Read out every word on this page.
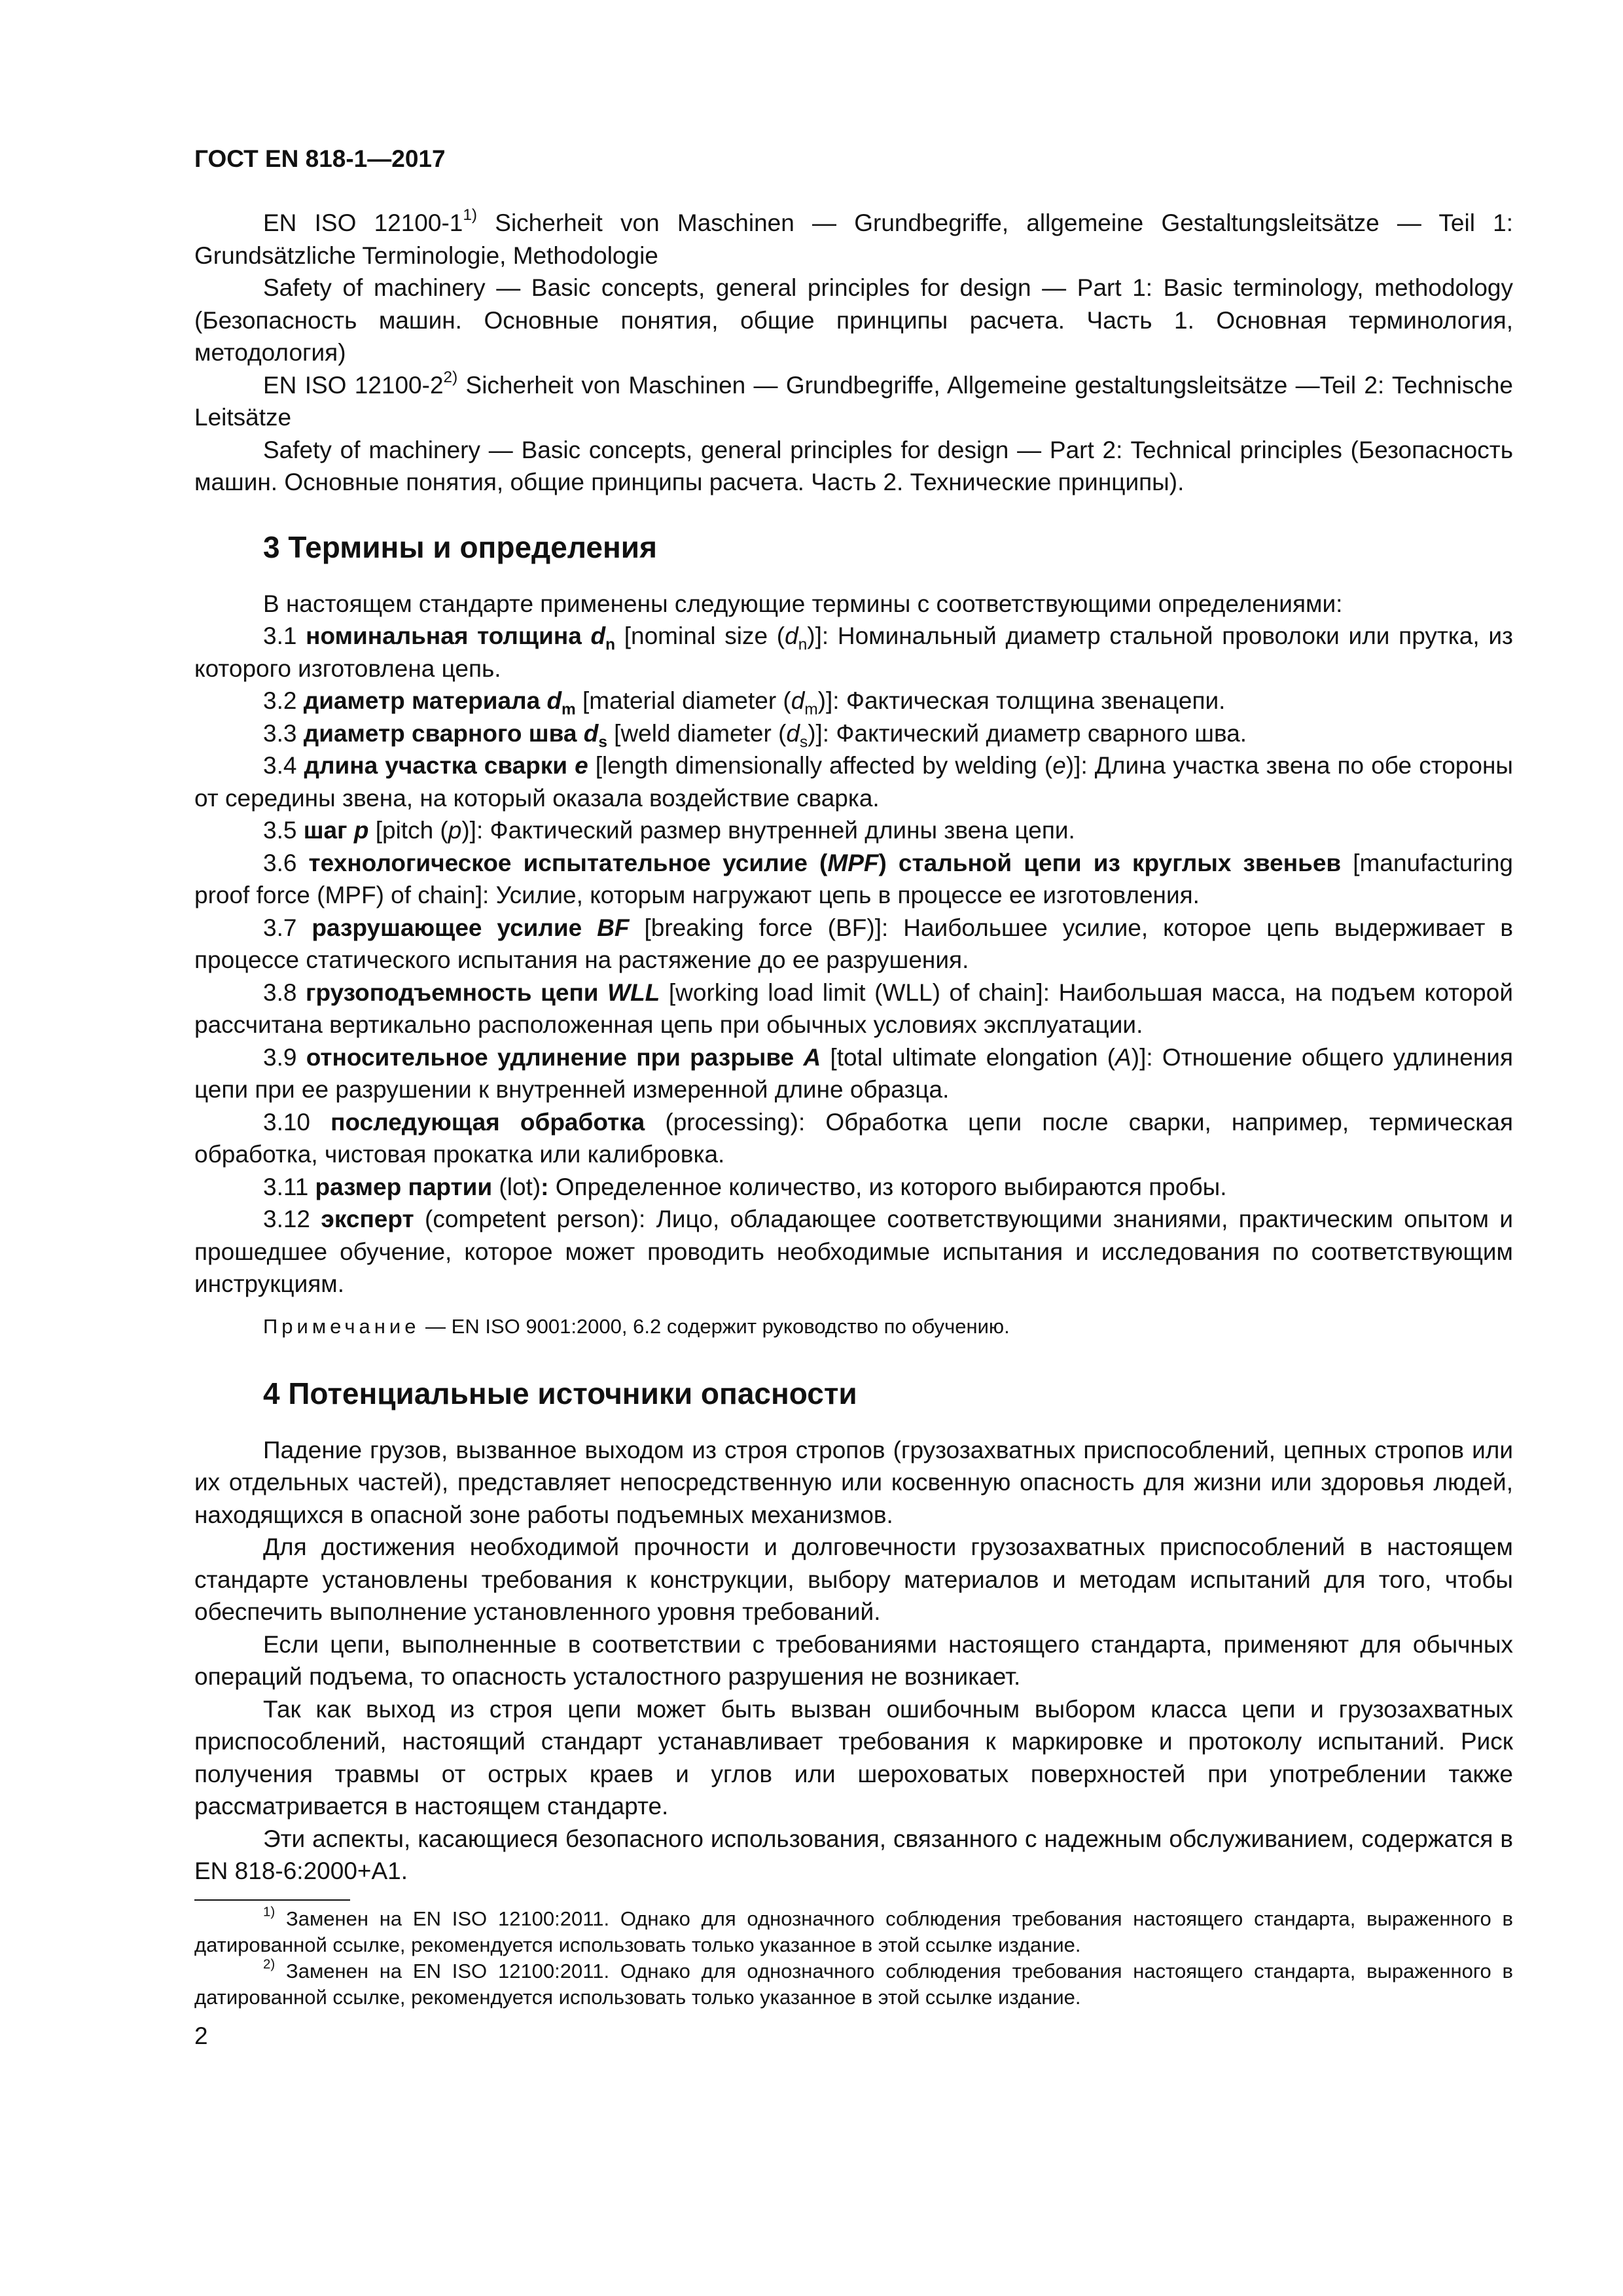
ГОСТ EN 818-1—2017

EN ISO 12100-1$^{1)}$ Sicherheit von Maschinen — Grundbegriffe, allgemeine Gestaltungsleitsätze — Teil 1: Grundsätzliche Terminologie, Methodologie

Safety of machinery — Basic concepts, general principles for design — Part 1: Basic terminology, methodology (Безопасность машин. Основные понятия, общие принципы расчета. Часть 1. Основная терминология, методология)

EN ISO 12100-2$^{2)}$ Sicherheit von Maschinen — Grundbegriffe, Allgemeine gestaltungsleitsätze —Teil 2: Technische Leitsätze

Safety of machinery — Basic concepts, general principles for design — Part 2: Technical principles (Безопасность машин. Основные понятия, общие принципы расчета. Часть 2. Технические принципы).

3 Термины и определения

В настоящем стандарте применены следующие термины с соответствующими определениями:

3.1 номинальная толщина $d_n$ [nominal size $(d_n)$]: Номинальный диаметр стальной проволоки или прутка, из которого изготовлена цепь.

3.2 диаметр материала $d_m$ [material diameter $(d_m)$]: Фактическая толщина звенацепи.

3.3 диаметр сварного шва $d_s$ [weld diameter $(d_s)$]: Фактический диаметр сварного шва.

3.4 длина участка сварки e [length dimensionally affected by welding (e)]: Длина участка звена по обе стороны от середины звена, на который оказала воздействие сварка.

3.5 шаг p [pitch (p)]: Фактический размер внутренней длины звена цепи.

3.6 технологическое испытательное усилие (MPF) стальной цепи из круглых звеньев [manufacturing proof force (MPF) of chain]: Усилие, которым нагружают цепь в процессе ее изготовления.

3.7 разрушающее усилие BF [breaking force (BF)]: Наибольшее усилие, которое цепь выдерживает в процессе статического испытания на растяжение до ее разрушения.

3.8 грузоподъемность цепи WLL [working load limit (WLL) of chain]: Наибольшая масса, на подъем которой рассчитана вертикально расположенная цепь при обычных условиях эксплуатации.

3.9 относительное удлинение при разрыве A [total ultimate elongation (A)]: Отношение общего удлинения цепи при ее разрушении к внутренней измеренной длине образца.

3.10 последующая обработка (processing): Обработка цепи после сварки, например, термическая обработка, чистовая прокатка или калибровка.

3.11 размер партии (lot): Определенное количество, из которого выбираются пробы.

3.12 эксперт (competent person): Лицо, обладающее соответствующими знаниями, практическим опытом и прошедшее обучение, которое может проводить необходимые испытания и исследования по соответствующим инструкциям.

Примечание — EN ISO 9001:2000, 6.2 содержит руководство по обучению.

4 Потенциальные источники опасности

Падение грузов, вызванное выходом из строя стропов (грузозахватных приспособлений, цепных стропов или их отдельных частей), представляет непосредственную или косвенную опасность для жизни или здоровья людей, находящихся в опасной зоне работы подъемных механизмов.

Для достижения необходимой прочности и долговечности грузозахватных приспособлений в настоящем стандарте установлены требования к конструкции, выбору материалов и методам испытаний для того, чтобы обеспечить выполнение установленного уровня требований.

Если цепи, выполненные в соответствии с требованиями настоящего стандарта, применяют для обычных операций подъема, то опасность усталостного разрушения не возникает.

Так как выход из строя цепи может быть вызван ошибочным выбором класса цепи и грузозахватных приспособлений, настоящий стандарт устанавливает требования к маркировке и протоколу испытаний. Риск получения травмы от острых краев и углов или шероховатых поверхностей при употреблении также рассматривается в настоящем стандарте.

Эти аспекты, касающиеся безопасного использования, связанного с надежным обслуживанием, содержатся в EN 818-6:2000+A1.

$^{1)}$ Заменен на EN ISO 12100:2011. Однако для однозначного соблюдения требования настоящего стандарта, выраженного в датированной ссылке, рекомендуется использовать только указанное в этой ссылке издание.

$^{2)}$ Заменен на EN ISO 12100:2011. Однако для однозначного соблюдения требования настоящего стандарта, выраженного в датированной ссылке, рекомендуется использовать только указанное в этой ссылке издание.

2
